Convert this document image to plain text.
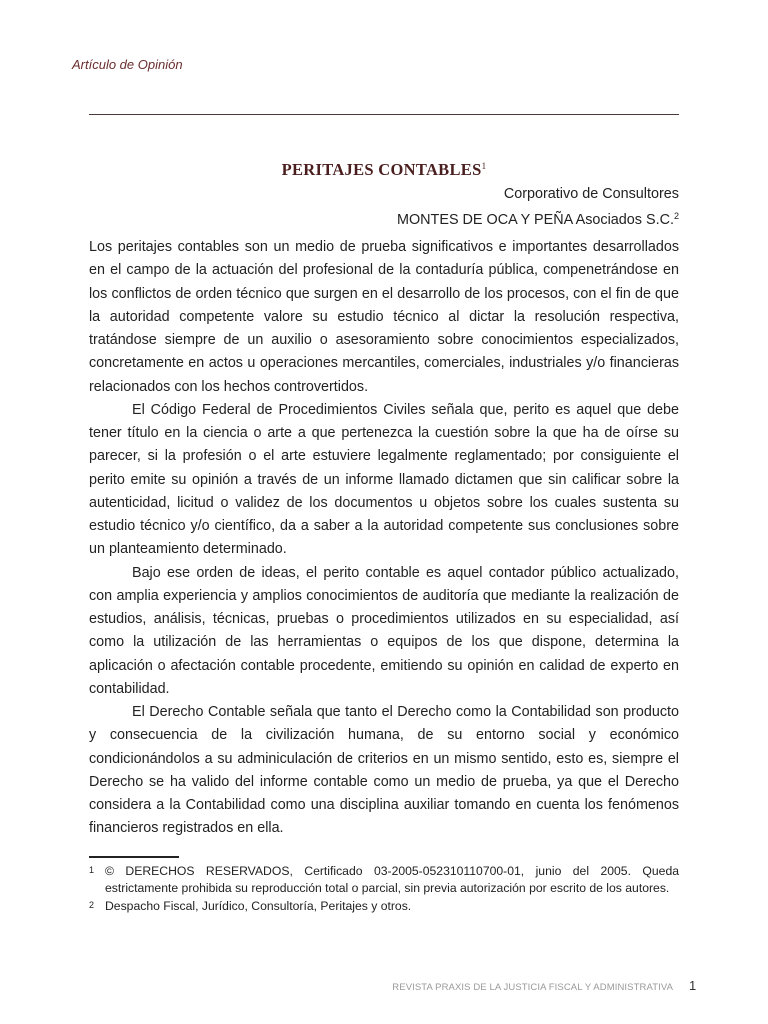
Artículo de Opinión
PERITAJES CONTABLES$^1$
Corporativo de Consultores
MONTES DE OCA Y PEÑA Asociados S.C.$^2$

Los peritajes contables son un medio de prueba significativos e importantes desarrollados en el campo de la actuación del profesional de la contaduría pública, compenetrándose en los conflictos de orden técnico que surgen en el desarrollo de los procesos, con el fin de que la autoridad competente valore su estudio técnico al dictar la resolución respectiva, tratándose siempre de un auxilio o asesoramiento sobre conocimientos especializados, concretamente en actos u operaciones mercantiles, comerciales, industriales y/o financieras relacionados con los hechos controvertidos.

El Código Federal de Procedimientos Civiles señala que, perito es aquel que debe tener título en la ciencia o arte a que pertenezca la cuestión sobre la que ha de oírse su parecer, si la profesión o el arte estuviere legalmente reglamentado; por consiguiente el perito emite su opinión a través de un informe llamado dictamen que sin calificar sobre la autenticidad, licitud o validez de los documentos u objetos sobre los cuales sustenta su estudio técnico y/o científico, da a saber a la autoridad competente sus conclusiones sobre un planteamiento determinado.

Bajo ese orden de ideas, el perito contable es aquel contador público actualizado, con amplia experiencia y amplios conocimientos de auditoría que mediante la realización de estudios, análisis, técnicas, pruebas o procedimientos utilizados en su especialidad, así como la utilización de las herramientas o equipos de los que dispone, determina la aplicación o afectación contable procedente, emitiendo su opinión en calidad de experto en contabilidad.

El Derecho Contable señala que tanto el Derecho como la Contabilidad son producto y consecuencia de la civilización humana, de su entorno social y económico condicionándolos a su adminiculación de criterios en un mismo sentido, esto es, siempre el Derecho se ha valido del informe contable como un medio de prueba, ya que el Derecho considera a la Contabilidad como una disciplina auxiliar tomando en cuenta los fenómenos financieros registrados en ella.

1 © DERECHOS RESERVADOS, Certificado 03-2005-052310110700-01, junio del 2005. Queda estrictamente prohibida su reproducción total o parcial, sin previa autorización por escrito de los autores.
2 Despacho Fiscal, Jurídico, Consultoría, Peritajes y otros.
REVISTA PRAXIS DE LA JUSTICIA FISCAL Y ADMINISTRATIVA 1
